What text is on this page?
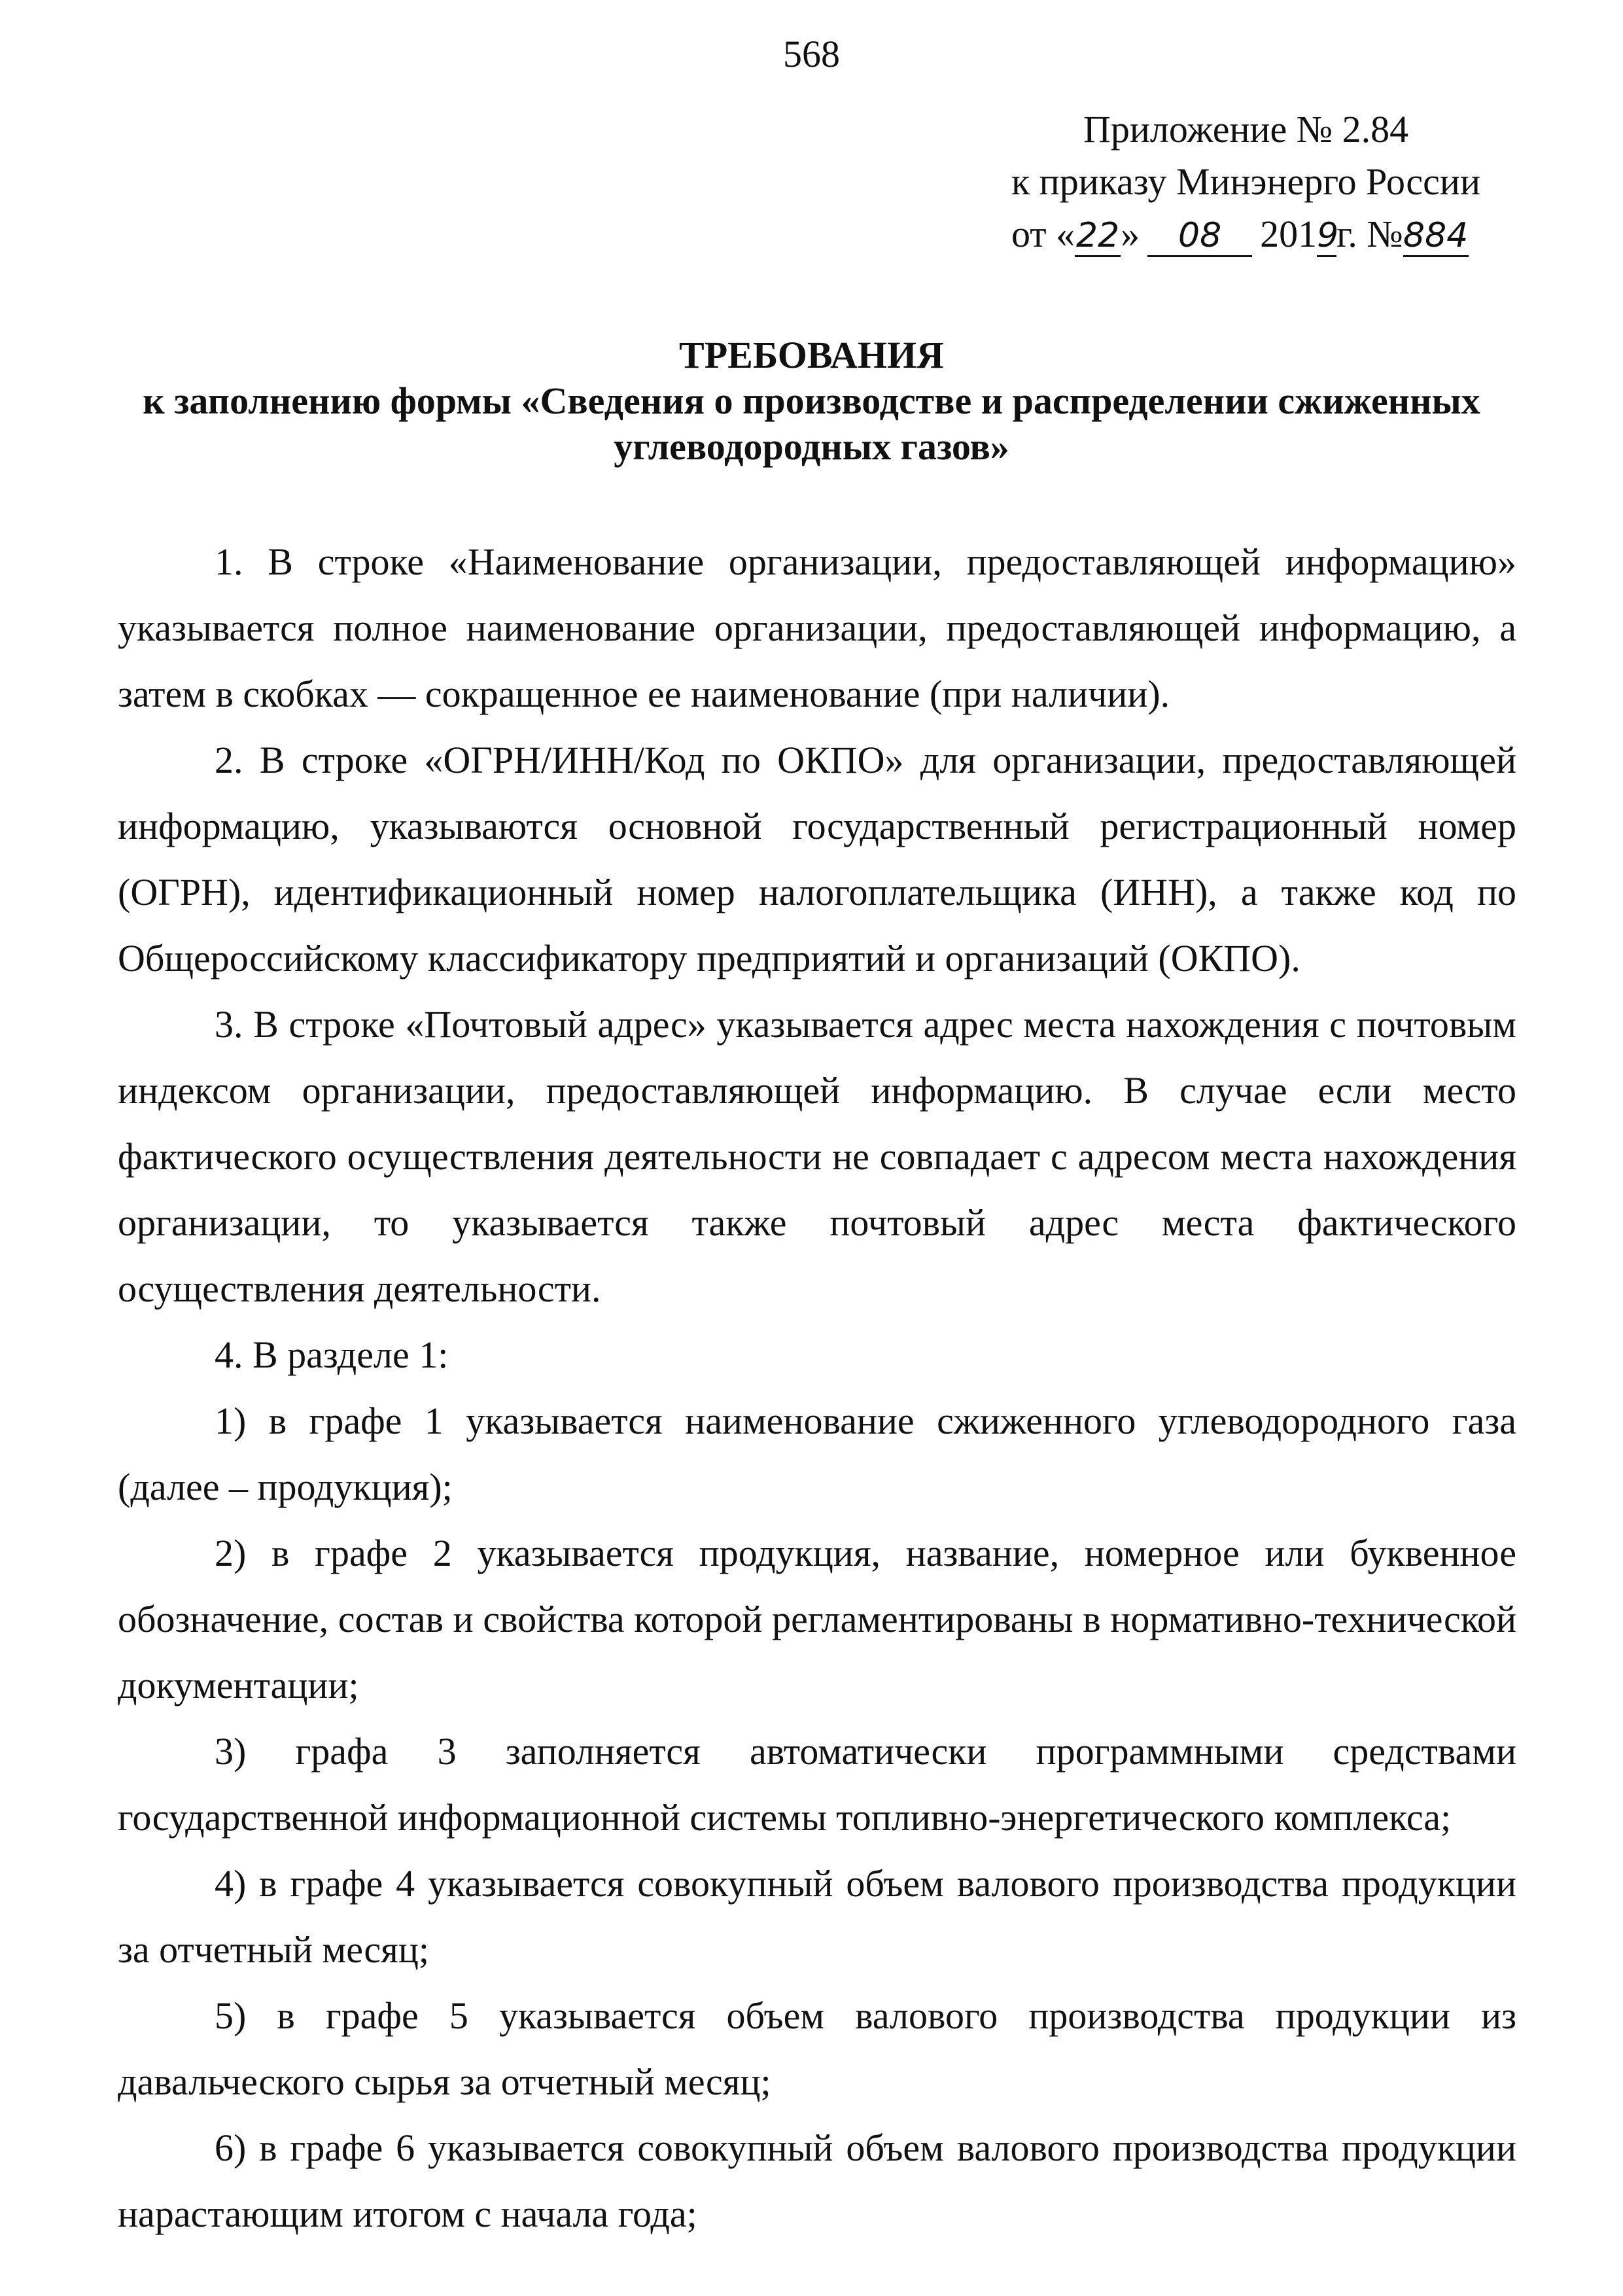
568
Приложение № 2.84
к приказу Минэнерго России
от «22» 08 2019г. №884
ТРЕБОВАНИЯ
к заполнению формы «Сведения о производстве и распределении сжиженных углеводородных газов»

1. В строке «Наименование организации, предоставляющей информацию» указывается полное наименование организации, предоставляющей информацию, а затем в скобках — сокращенное ее наименование (при наличии).

2. В строке «ОГРН/ИНН/Код по ОКПО» для организации, предоставляющей информацию, указываются основной государственный регистрационный номер (ОГРН), идентификационный номер налогоплательщика (ИНН), а также код по Общероссийскому классификатору предприятий и организаций (ОКПО).

3. В строке «Почтовый адрес» указывается адрес места нахождения с почтовым индексом организации, предоставляющей информацию. В случае если место фактического осуществления деятельности не совпадает с адресом места нахождения организации, то указывается также почтовый адрес места фактического осуществления деятельности.

4. В разделе 1:

1) в графе 1 указывается наименование сжиженного углеводородного газа (далее – продукция);

2) в графе 2 указывается продукция, название, номерное или буквенное обозначение, состав и свойства которой регламентированы в нормативно-технической документации;

3) графа 3 заполняется автоматически программными средствами государственной информационной системы топливно-энергетического комплекса;

4) в графе 4 указывается совокупный объем валового производства продукции за отчетный месяц;

5) в графе 5 указывается объем валового производства продукции из давальческого сырья за отчетный месяц;

6) в графе 6 указывается совокупный объем валового производства продукции нарастающим итогом с начала года;
